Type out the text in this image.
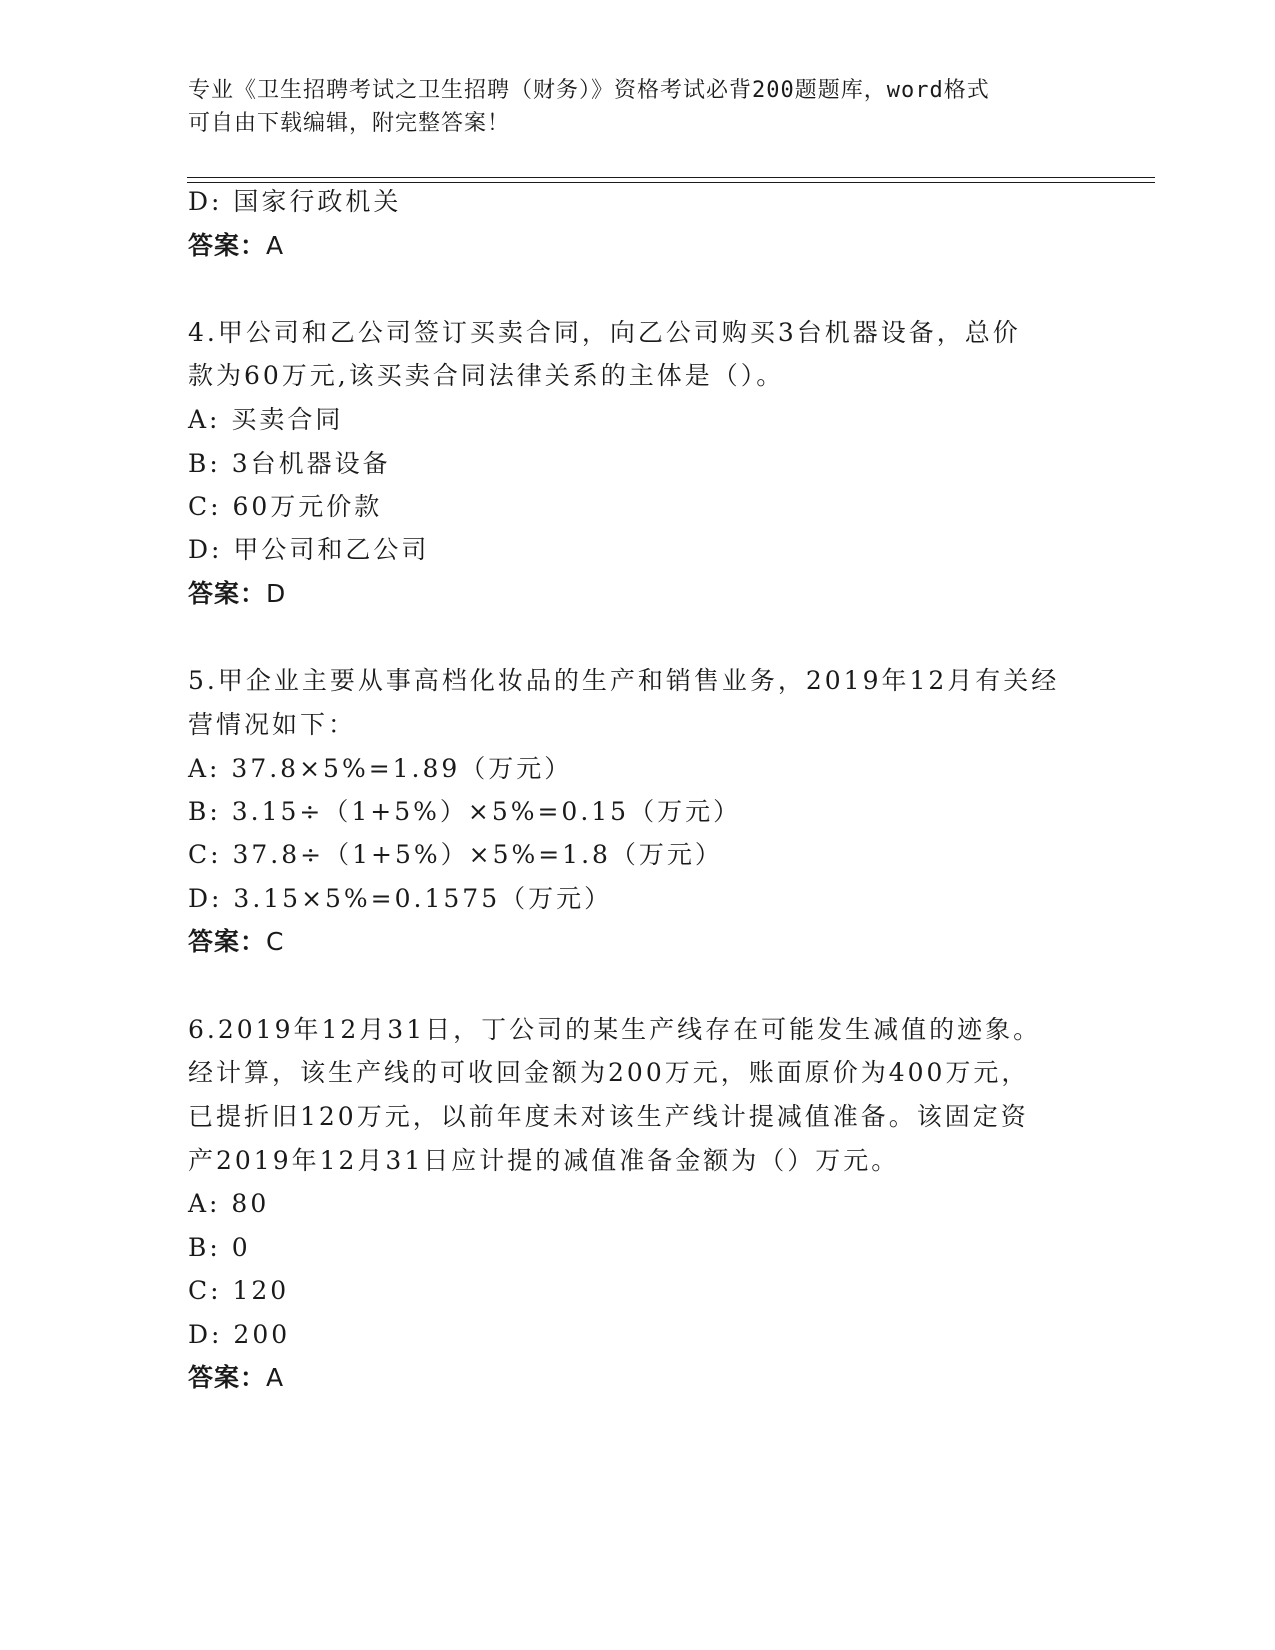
专业《卫生招聘考试之卫生招聘（财务）》资格考试必背200题题库，word格式
可自由下载编辑，附完整答案！
D: 国家行政机关
答案：A
4.甲公司和乙公司签订买卖合同，向乙公司购买3台机器设备，总价
款为60万元,该买卖合同法律关系的主体是（）。
A: 买卖合同
B: 3台机器设备
C: 60万元价款
D: 甲公司和乙公司
答案：D
5.甲企业主要从事高档化妆品的生产和销售业务，2019年12月有关经
营情况如下：
A: 37.8×5%=1.89（万元）
B: 3.15÷（1+5%）×5%=0.15（万元）
C: 37.8÷（1+5%）×5%=1.8（万元）
D: 3.15×5%=0.1575（万元）
答案：C
6.2019年12月31日，丁公司的某生产线存在可能发生减值的迹象。
经计算，该生产线的可收回金额为200万元，账面原价为400万元，
已提折旧120万元，以前年度未对该生产线计提减值准备。该固定资
产2019年12月31日应计提的减值准备金额为（）万元。
A: 80
B: 0
C: 120
D: 200
答案：A
